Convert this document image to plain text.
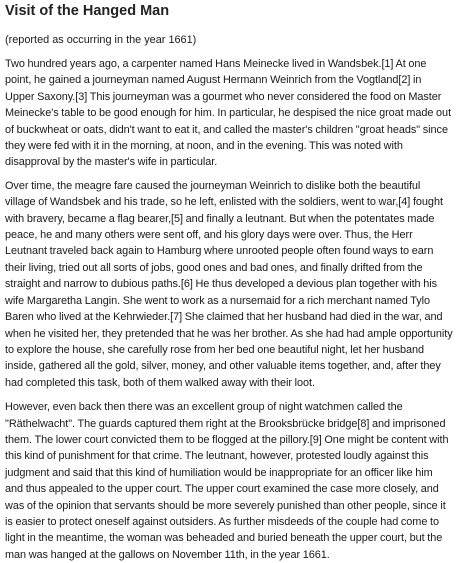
Visit of the Hanged Man
(reported as occurring in the year 1661)

Two hundred years ago, a carpenter named Hans Meinecke lived in Wandsbek.[1] At one point, he gained a journeyman named August Hermann Weinrich from the Vogtland[2] in Upper Saxony.[3] This journeyman was a gourmet who never considered the food on Master Meinecke's table to be good enough for him. In particular, he despised the nice groat made out of buckwheat or oats, didn't want to eat it, and called the master's children "groat heads" since they were fed with it in the morning, at noon, and in the evening. This was noted with disapproval by the master's wife in particular.

Over time, the meagre fare caused the journeyman Weinrich to dislike both the beautiful village of Wandsbek and his trade, so he left, enlisted with the soldiers, went to war,[4] fought with bravery, became a flag bearer,[5] and finally a leutnant. But when the potentates made peace, he and many others were sent off, and his glory days were over. Thus, the Herr Leutnant traveled back again to Hamburg where unrooted people often found ways to earn their living, tried out all sorts of jobs, good ones and bad ones, and finally drifted from the straight and narrow to dubious paths.[6] He thus developed a devious plan together with his wife Margaretha Langin. She went to work as a nursemaid for a rich merchant named Tylo Baren who lived at the Kehrwieder.[7] She claimed that her husband had died in the war, and when he visited her, they pretended that he was her brother. As she had had ample opportunity to explore the house, she carefully rose from her bed one beautiful night, let her husband inside, gathered all the gold, silver, money, and other valuable items together, and, after they had completed this task, both of them walked away with their loot.

However, even back then there was an excellent group of night watchmen called the "Räthelwacht". The guards captured them right at the Brooksbrücke bridge[8] and imprisoned them. The lower court convicted them to be flogged at the pillory.[9] One might be content with this kind of punishment for that crime. The leutnant, however, protested loudly against this judgment and said that this kind of humiliation would be inappropriate for an officer like him and thus appealed to the upper court. The upper court examined the case more closely, and was of the opinion that servants should be more severely punished than other people, since it is easier to protect oneself against outsiders. As further misdeeds of the couple had come to light in the meantime, the woman was beheaded and buried beneath the upper court, but the man was hanged at the gallows on November 11th, in the year 1661.
